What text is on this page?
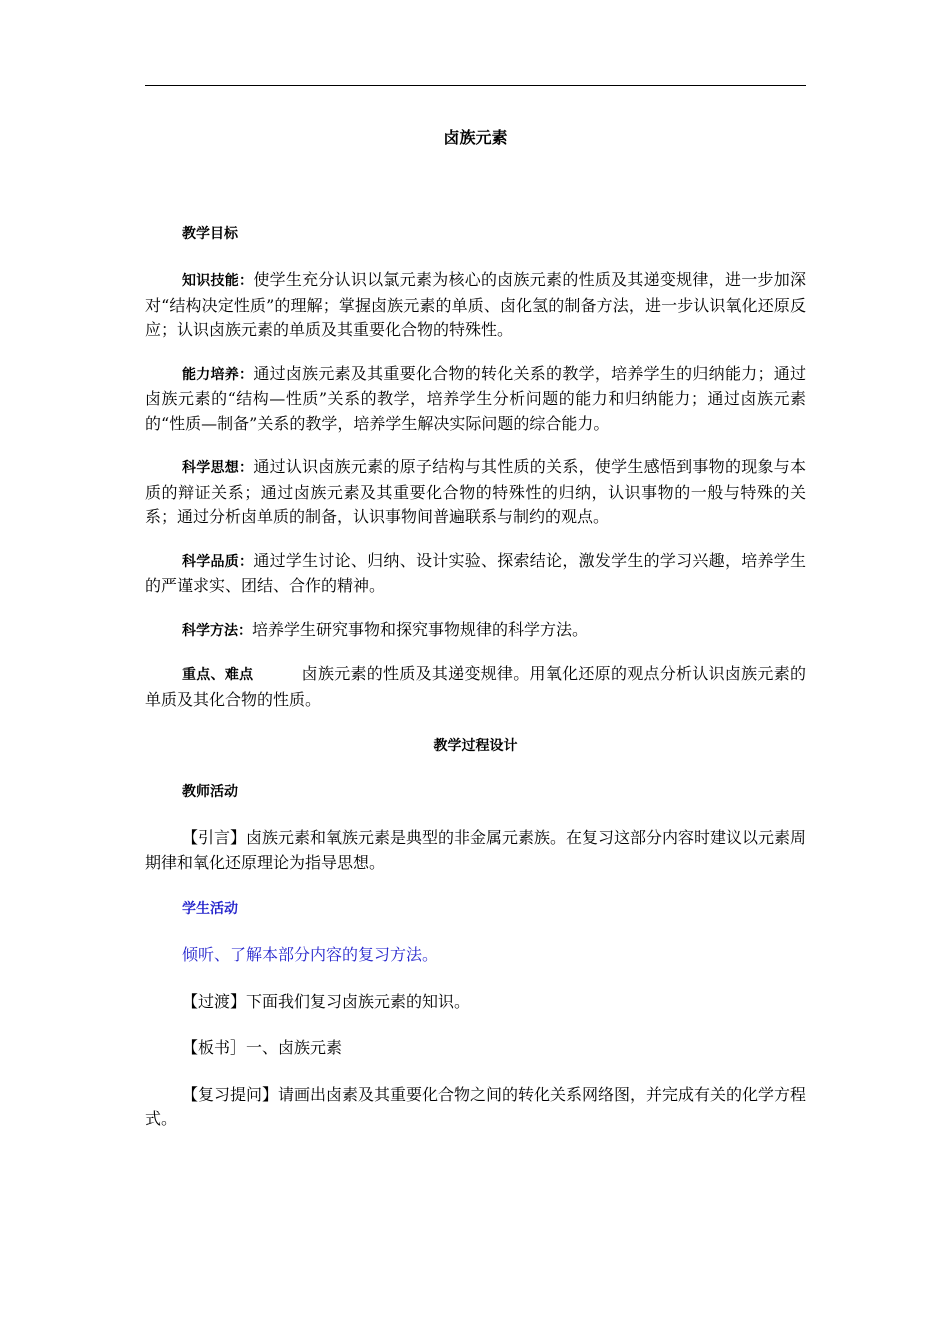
卤族元素

教学目标

知识技能：使学生充分认识以氯元素为核心的卤族元素的性质及其递变规律，进一步加深对“结构决定性质”的理解；掌握卤族元素的单质、卤化氢的制备方法，进一步认识氧化还原反应；认识卤族元素的单质及其重要化合物的特殊性。

能力培养：通过卤族元素及其重要化合物的转化关系的教学，培养学生的归纳能力；通过卤族元素的“结构—性质”关系的教学，培养学生分析问题的能力和归纳能力；通过卤族元素的“性质—制备”关系的教学，培养学生解决实际问题的综合能力。

科学思想：通过认识卤族元素的原子结构与其性质的关系，使学生感悟到事物的现象与本质的辩证关系；通过卤族元素及其重要化合物的特殊性的归纳，认识事物的一般与特殊的关系；通过分析卤单质的制备，认识事物间普遍联系与制约的观点。

科学品质：通过学生讨论、归纳、设计实验、探索结论，激发学生的学习兴趣，培养学生的严谨求实、团结、合作的精神。

科学方法：培养学生研究事物和探究事物规律的科学方法。

重点、难点	卤族元素的性质及其递变规律。用氧化还原的观点分析认识卤族元素的单质及其化合物的性质。

教学过程设计

教师活动

【引言】卤族元素和氧族元素是典型的非金属元素族。在复习这部分内容时建议以元素周期律和氧化还原理论为指导思想。

学生活动

倾听、了解本部分内容的复习方法。

【过渡】下面我们复习卤族元素的知识。

【板书］一、卤族元素

【复习提问】请画出卤素及其重要化合物之间的转化关系网络图，并完成有关的化学方程式。
